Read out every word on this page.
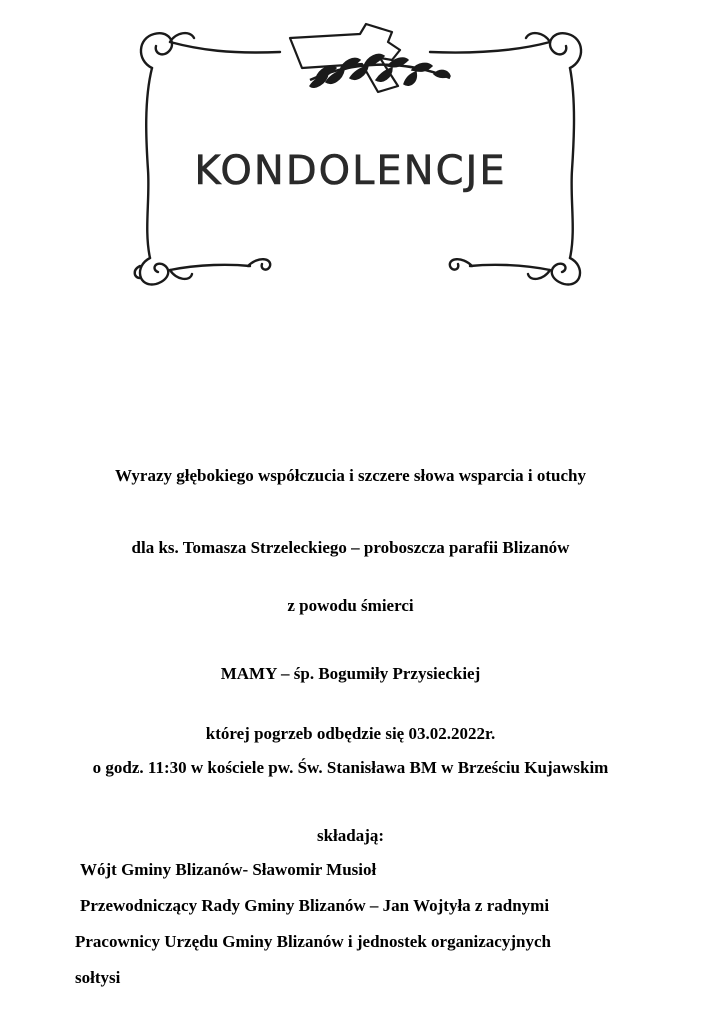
KONDOLENCJE
Wyrazy głębokiego współczucia i szczere słowa wsparcia i otuchy
dla ks. Tomasza Strzeleckiego – proboszcza parafii Blizanów
z powodu śmierci
MAMY – śp. Bogumiły Przysieckiej
której pogrzeb odbędzie się 03.02.2022r.
o godz. 11:30 w kościele pw. Św. Stanisława BM w Brześciu Kujawskim
składają:
Wójt Gminy Blizanów- Sławomir Musioł
Przewodniczący Rady Gminy Blizanów – Jan Wojtyła z radnymi
Pracownicy Urzędu Gminy Blizanów i jednostek organizacyjnych
sołtysi
